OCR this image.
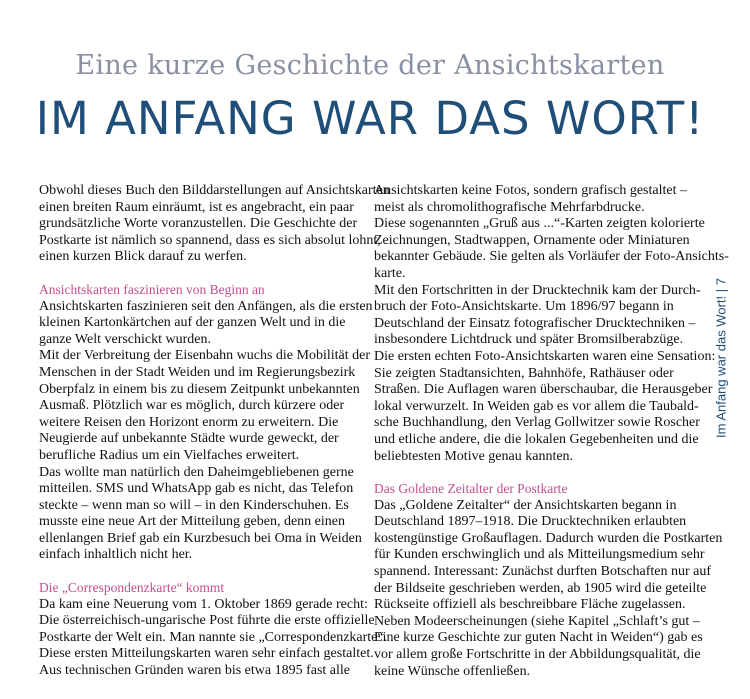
Eine kurze Geschichte der Ansichtskarten
IM ANFANG WAR DAS WORT!

Obwohl dieses Buch den Bilddarstellungen auf Ansichtskarten

einen breiten Raum einräumt, ist es angebracht, ein paar

grundsätzliche Worte voranzustellen. Die Geschichte der

Postkarte ist nämlich so spannend, dass es sich absolut lohnt,

einen kurzen Blick darauf zu werfen.

Ansichtskarten faszinieren von Beginn an

Ansichtskarten faszinieren seit den Anfängen, als die ersten

kleinen Kartonkärtchen auf der ganzen Welt und in die

ganze Welt verschickt wurden.

Mit der Verbreitung der Eisenbahn wuchs die Mobilität der

Menschen in der Stadt Weiden und im Regierungsbezirk

Oberpfalz in einem bis zu diesem Zeitpunkt unbekannten

Ausmaß. Plötzlich war es möglich, durch kürzere oder

weitere Reisen den Horizont enorm zu erweitern. Die

Neugierde auf unbekannte Städte wurde geweckt, der

berufliche Radius um ein Vielfaches erweitert.

Das wollte man natürlich den Daheimgebliebenen gerne

mitteilen. SMS und WhatsApp gab es nicht, das Telefon

steckte – wenn man so will – in den Kinderschuhen. Es

musste eine neue Art der Mitteilung geben, denn einen

ellenlangen Brief gab ein Kurzbesuch bei Oma in Weiden

einfach inhaltlich nicht her.

Die „Correspondenzkarte“ kommt

Da kam eine Neuerung vom 1. Oktober 1869 gerade recht:

Die österreichisch-ungarische Post führte die erste offizielle

Postkarte der Welt ein. Man nannte sie „Correspondenzkarte“.

Diese ersten Mitteilungskarten waren sehr einfach gestaltet.

Aus technischen Gründen waren bis etwa 1895 fast alle

Ansichtskarten keine Fotos, sondern grafisch gestaltet –

meist als chromolithografische Mehrfarbdrucke.

Diese sogenannten „Gruß aus ...“-Karten zeigten kolorierte

Zeichnungen, Stadtwappen, Ornamente oder Miniaturen

bekannter Gebäude. Sie gelten als Vorläufer der Foto-Ansichts-

karte.

Mit den Fortschritten in der Drucktechnik kam der Durch-

bruch der Foto-Ansichtskarte. Um 1896/97 begann in

Deutschland der Einsatz fotografischer Drucktechniken –

insbesondere Lichtdruck und später Bromsilberabzüge.

Die ersten echten Foto-Ansichtskarten waren eine Sensation:

Sie zeigten Stadtansichten, Bahnhöfe, Rathäuser oder

Straßen. Die Auflagen waren überschaubar, die Herausgeber

lokal verwurzelt. In Weiden gab es vor allem die Taubald-

sche Buchhandlung, den Verlag Gollwitzer sowie Roscher

und etliche andere, die die lokalen Gegebenheiten und die

beliebtesten Motive genau kannten.

Das Goldene Zeitalter der Postkarte

Das „Goldene Zeitalter“ der Ansichtskarten begann in

Deutschland 1897–1918. Die Drucktechniken erlaubten

kostengünstige Großauflagen. Dadurch wurden die Postkarten

für Kunden erschwinglich und als Mitteilungsmedium sehr

spannend. Interessant: Zunächst durften Botschaften nur auf

der Bildseite geschrieben werden, ab 1905 wird die geteilte

Rückseite offiziell als beschreibbare Fläche zugelassen.

Neben Modeerscheinungen (siehe Kapitel „Schlaft’s gut –

Eine kurze Geschichte zur guten Nacht in Weiden“) gab es

vor allem große Fortschritte in der Abbildungsqualität, die

keine Wünsche offenließen.

Im Anfang war das Wort! | 7
